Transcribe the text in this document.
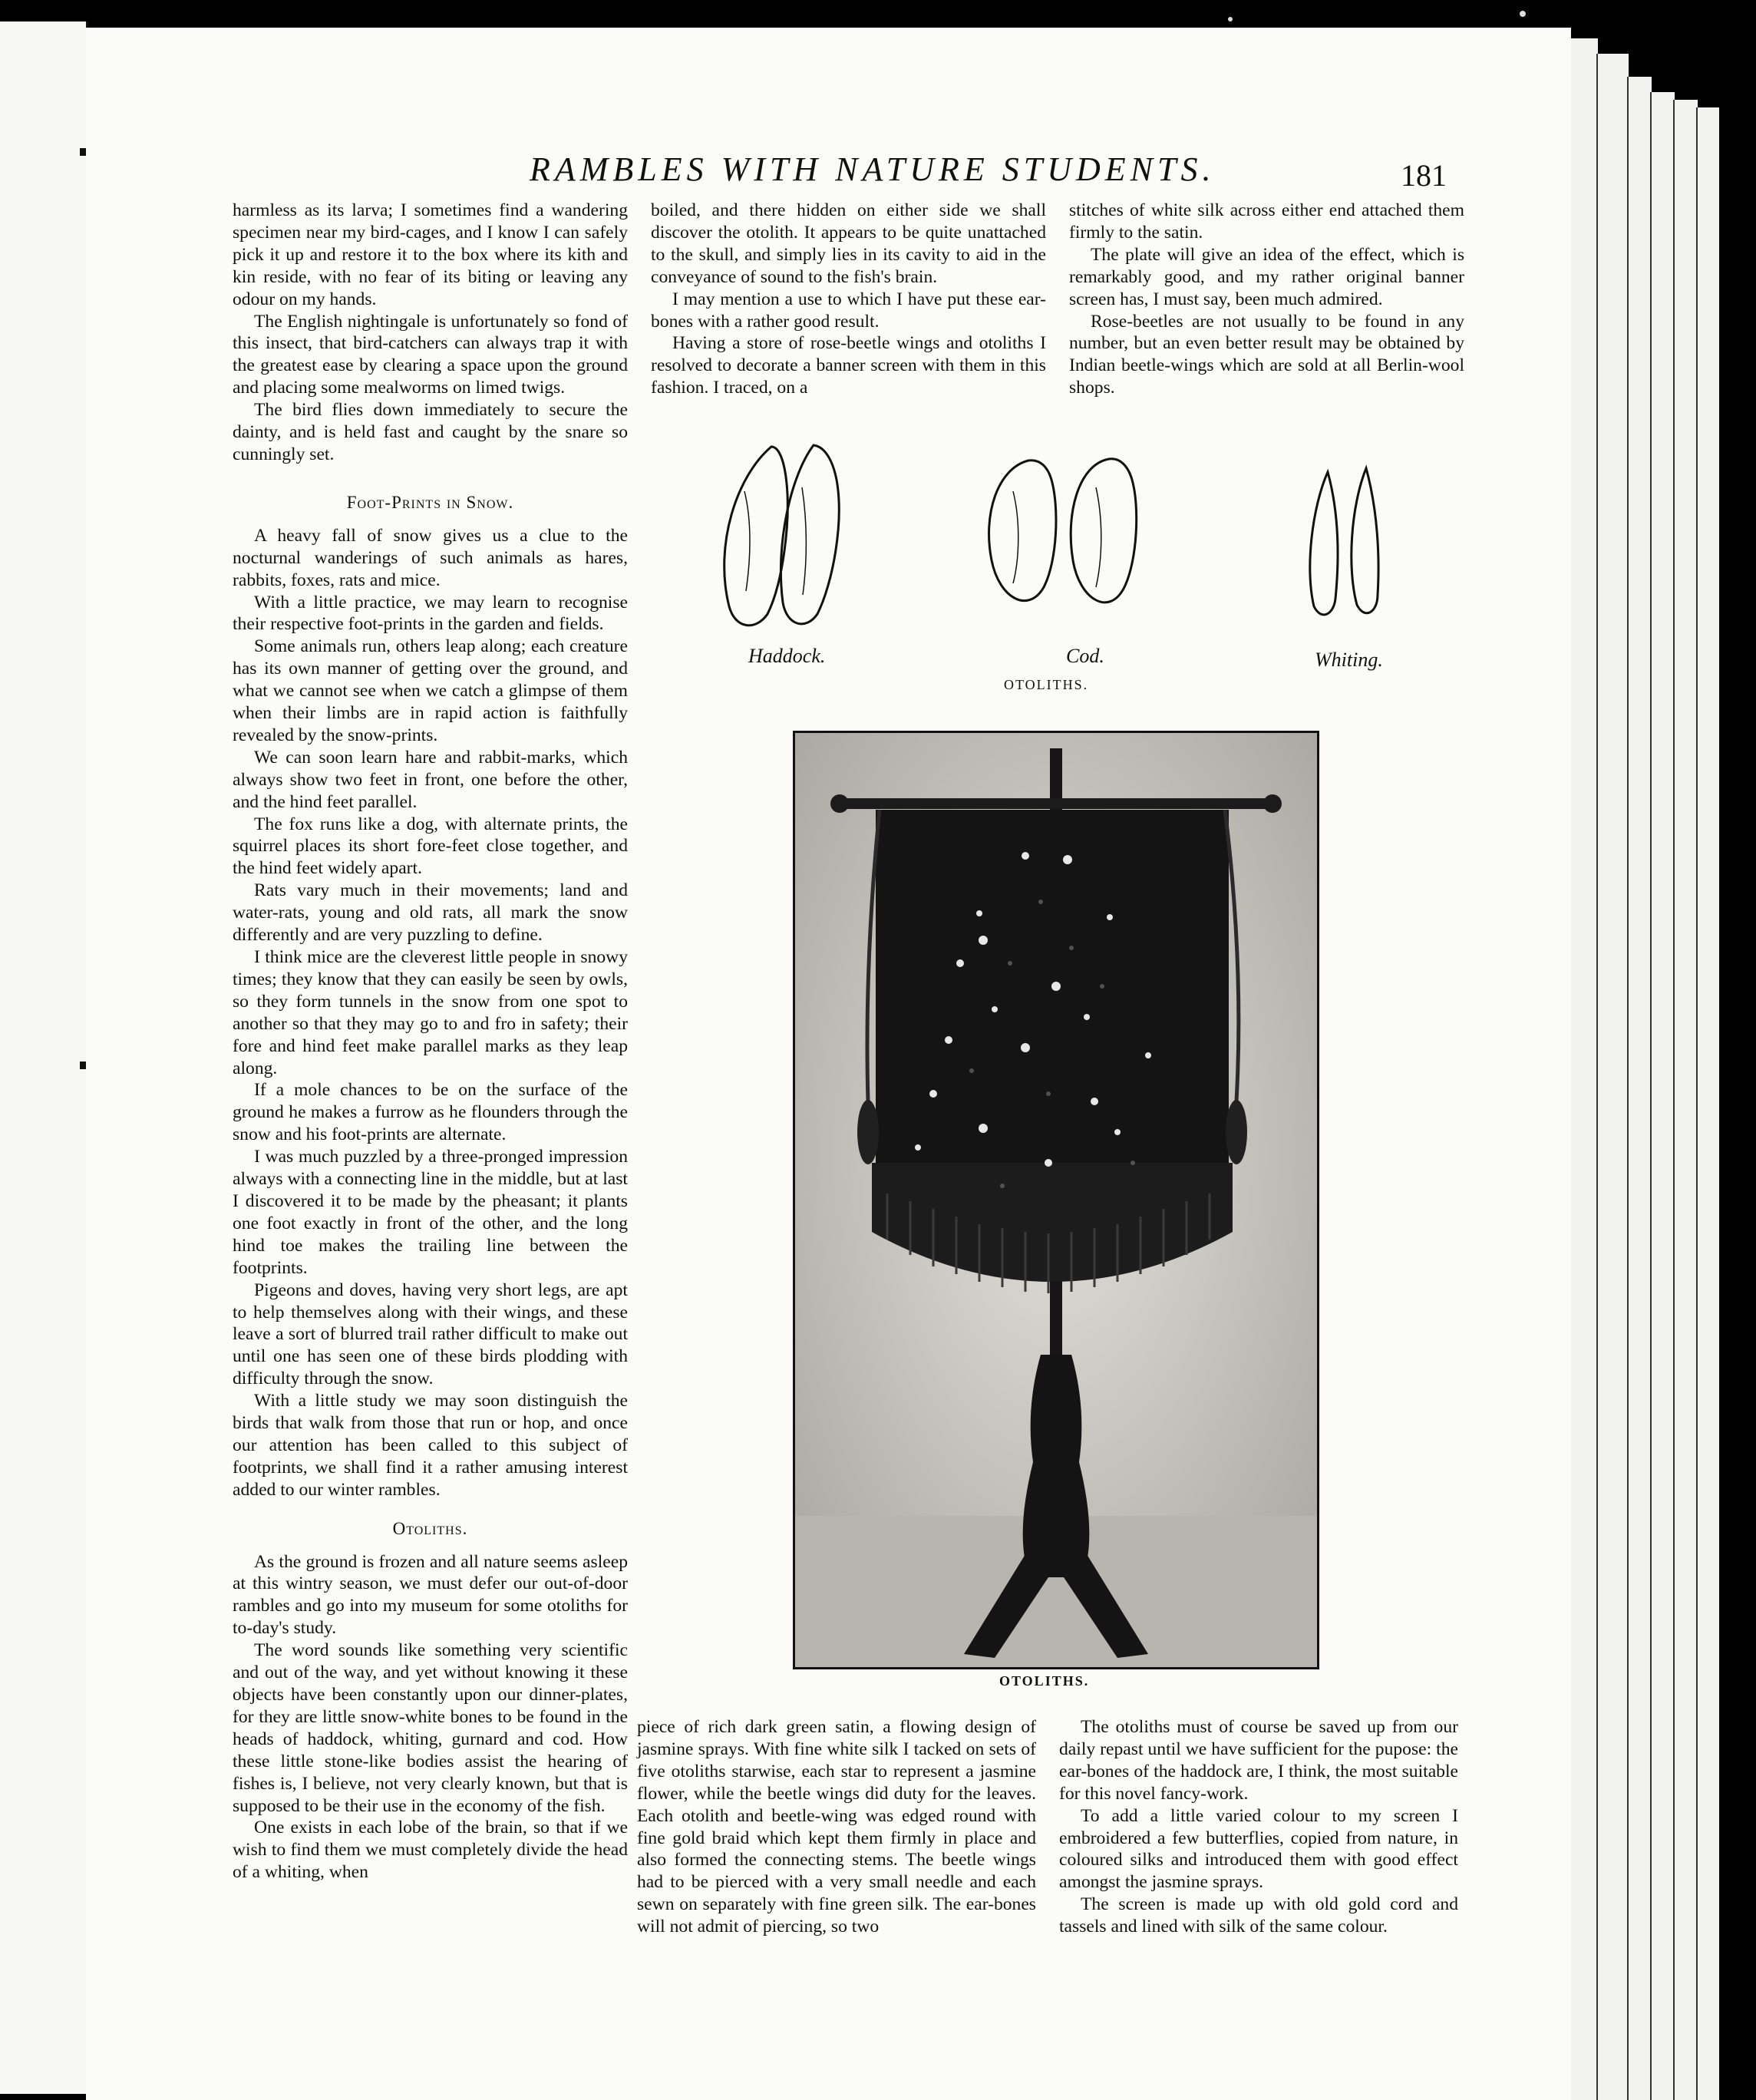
RAMBLES WITH NATURE STUDENTS.	181

harmless as its larva; I sometimes find a wandering specimen near my bird-cages, and I know I can safely pick it up and restore it to the box where its kith and kin reside, with no fear of its biting or leaving any odour on my hands.

The English nightingale is unfortunately so fond of this insect, that bird-catchers can always trap it with the greatest ease by clearing a space upon the ground and placing some mealworms on limed twigs.

The bird flies down immediately to secure the dainty, and is held fast and caught by the snare so cunningly set.

Foot-Prints in Snow.

A heavy fall of snow gives us a clue to the nocturnal wanderings of such animals as hares, rabbits, foxes, rats and mice.

With a little practice, we may learn to recognise their respective foot-prints in the garden and fields.

Some animals run, others leap along; each creature has its own manner of getting over the ground, and what we cannot see when we catch a glimpse of them when their limbs are in rapid action is faithfully revealed by the snow-prints.

We can soon learn hare and rabbit-marks, which always show two feet in front, one before the other, and the hind feet parallel.

The fox runs like a dog, with alternate prints, the squirrel places its short fore-feet close together, and the hind feet widely apart.

Rats vary much in their movements; land and water-rats, young and old rats, all mark the snow differently and are very puzzling to define.

I think mice are the cleverest little people in snowy times; they know that they can easily be seen by owls, so they form tunnels in the snow from one spot to another so that they may go to and fro in safety; their fore and hind feet make parallel marks as they leap along.

If a mole chances to be on the surface of the ground he makes a furrow as he flounders through the snow and his foot-prints are alternate.

I was much puzzled by a three-pronged impression always with a connecting line in the middle, but at last I discovered it to be made by the pheasant; it plants one foot exactly in front of the other, and the long hind toe makes the trailing line between the footprints.

Pigeons and doves, having very short legs, are apt to help themselves along with their wings, and these leave a sort of blurred trail rather difficult to make out until one has seen one of these birds plodding with difficulty through the snow.

With a little study we may soon distinguish the birds that walk from those that run or hop, and once our attention has been called to this subject of footprints, we shall find it a rather amusing interest added to our winter rambles.

Otoliths.

As the ground is frozen and all nature seems asleep at this wintry season, we must defer our out-of-door rambles and go into my museum for some otoliths for to-day's study.

The word sounds like something very scientific and out of the way, and yet without knowing it these objects have been constantly upon our dinner-plates, for they are little snow-white bones to be found in the heads of haddock, whiting, gurnard and cod. How these little stone-like bodies assist the hearing of fishes is, I believe, not very clearly known, but that is supposed to be their use in the economy of the fish.

One exists in each lobe of the brain, so that if we wish to find them we must completely divide the head of a whiting, when

boiled, and there hidden on either side we shall discover the otolith. It appears to be quite unattached to the skull, and simply lies in its cavity to aid in the conveyance of sound to the fish's brain.

I may mention a use to which I have put these ear-bones with a rather good result.

Having a store of rose-beetle wings and otoliths I resolved to decorate a banner screen with them in this fashion. I traced, on a

stitches of white silk across either end attached them firmly to the satin.

The plate will give an idea of the effect, which is remarkably good, and my rather original banner screen has, I must say, been much admired.

Rose-beetles are not usually to be found in any number, but an even better result may be obtained by Indian beetle-wings which are sold at all Berlin-wool shops.

Haddock.	Cod.	Whiting.
OTOLITHS.
OTOLITHS.

piece of rich dark green satin, a flowing design of jasmine sprays. With fine white silk I tacked on sets of five otoliths starwise, each star to represent a jasmine flower, while the beetle wings did duty for the leaves. Each otolith and beetle-wing was edged round with fine gold braid which kept them firmly in place and also formed the connecting stems. The beetle wings had to be pierced with a very small needle and each sewn on separately with fine green silk. The ear-bones will not admit of piercing, so two

The otoliths must of course be saved up from our daily repast until we have sufficient for the pupose: the ear-bones of the haddock are, I think, the most suitable for this novel fancy-work.

To add a little varied colour to my screen I embroidered a few butterflies, copied from nature, in coloured silks and introduced them with good effect amongst the jasmine sprays.

The screen is made up with old gold cord and tassels and lined with silk of the same colour.
